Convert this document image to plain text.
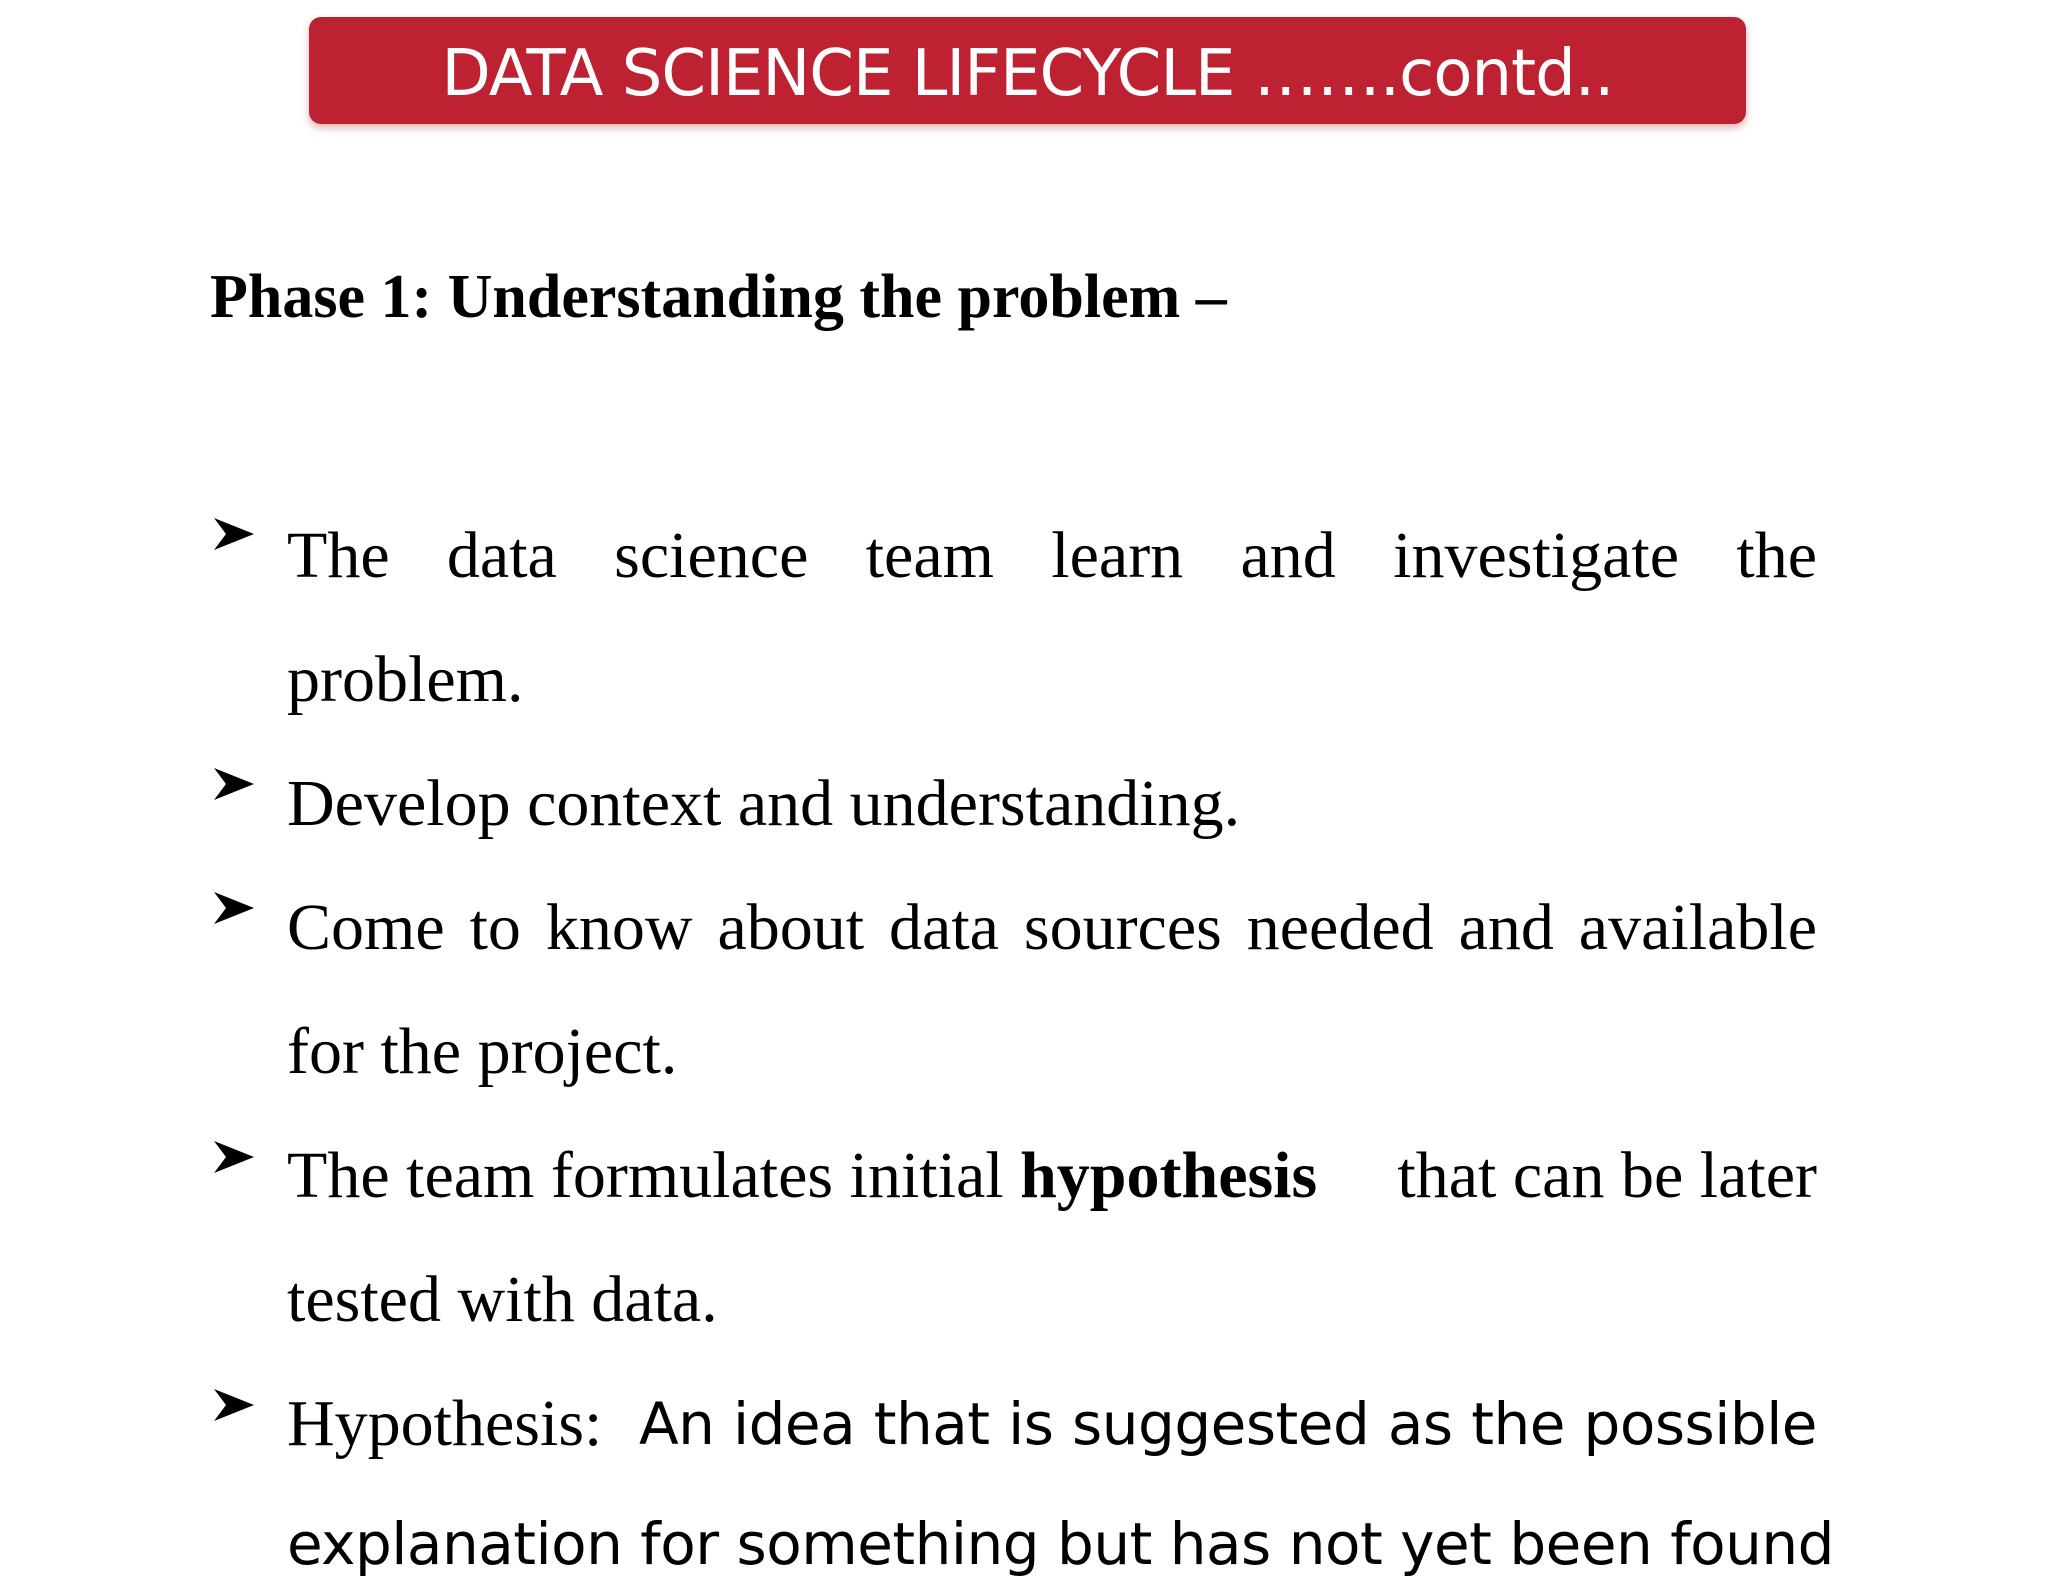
DATA SCIENCE LIFECYCLE …….contd..
Phase 1: Understanding the problem –
The data science team learn and investigate the
problem.
Develop context and understanding.
Come to know about data sources needed and available
for the project.
The team formulates initial hypothesis that can be later
tested with data.
Hypothesis: An idea that is suggested as the possible
explanation for something but has not yet been found
